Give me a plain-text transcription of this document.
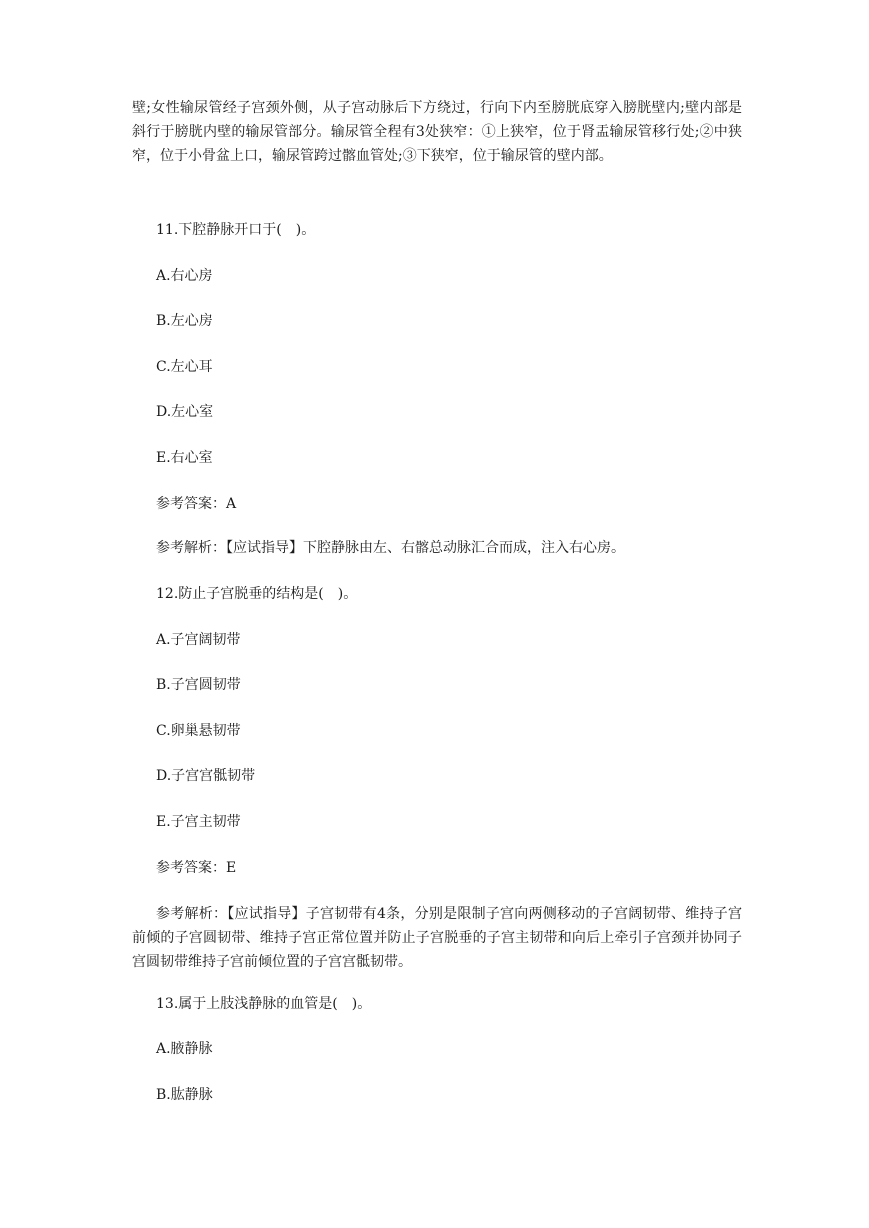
壁;女性输尿管经子宫颈外侧，从子宫动脉后下方绕过，行向下内至膀胱底穿入膀胱壁内;壁内部是斜行于膀胱内壁的输尿管部分。输尿管全程有3处狭窄：①上狭窄，位于肾盂输尿管移行处;②中狭窄，位于小骨盆上口，输尿管跨过髂血管处;③下狭窄，位于输尿管的壁内部。

11.下腔静脉开口于(　)。

A.右心房

B.左心房

C.左心耳

D.左心室

E.右心室

参考答案：A

参考解析：【应试指导】下腔静脉由左、右髂总动脉汇合而成，注入右心房。

12.防止子宫脱垂的结构是(　)。

A.子宫阔韧带

B.子宫圆韧带

C.卵巢悬韧带

D.子宫宫骶韧带

E.子宫主韧带

参考答案：E

参考解析：【应试指导】子宫韧带有4条，分别是限制子宫向两侧移动的子宫阔韧带、维持子宫前倾的子宫圆韧带、维持子宫正常位置并防止子宫脱垂的子宫主韧带和向后上牵引子宫颈并协同子宫圆韧带维持子宫前倾位置的子宫宫骶韧带。

13.属于上肢浅静脉的血管是(　)。

A.腋静脉

B.肱静脉
